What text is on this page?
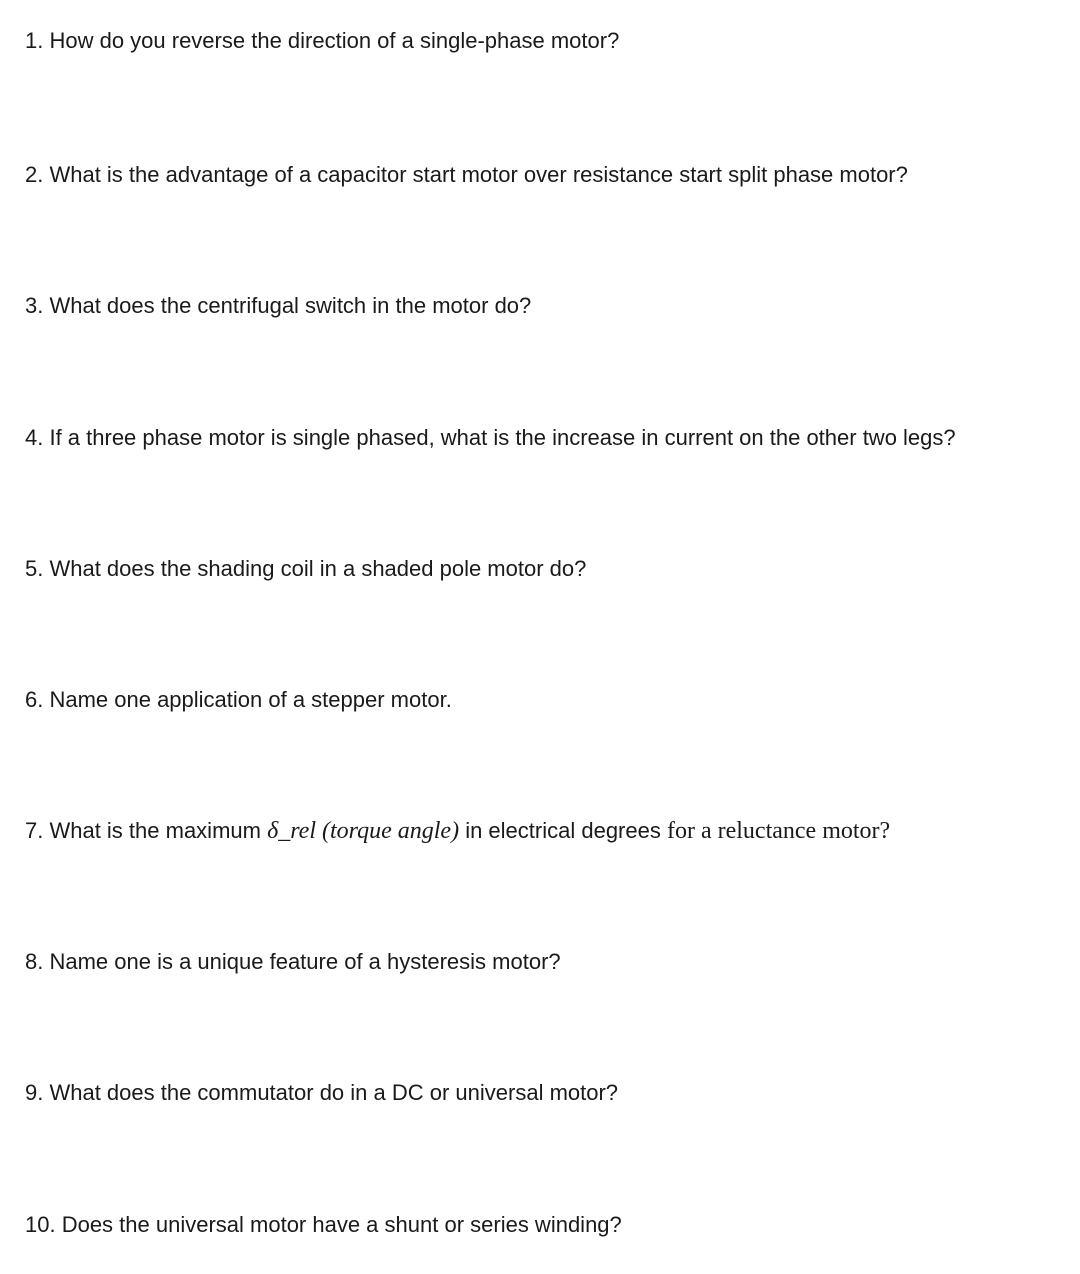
1. How do you reverse the direction of a single-phase motor?
2. What is the advantage of a capacitor start motor over resistance start split phase motor?
3. What does the centrifugal switch in the motor do?
4. If a three phase motor is single phased, what is the increase in current on the other two legs?
5. What does the shading coil in a shaded pole motor do?
6. Name one application of a stepper motor.
7. What is the maximum δ_rel (torque angle) in electrical degrees for a reluctance motor?
8. Name one is a unique feature of a hysteresis motor?
9. What does the commutator do in a DC or universal motor?
10. Does the universal motor have a shunt or series winding?
